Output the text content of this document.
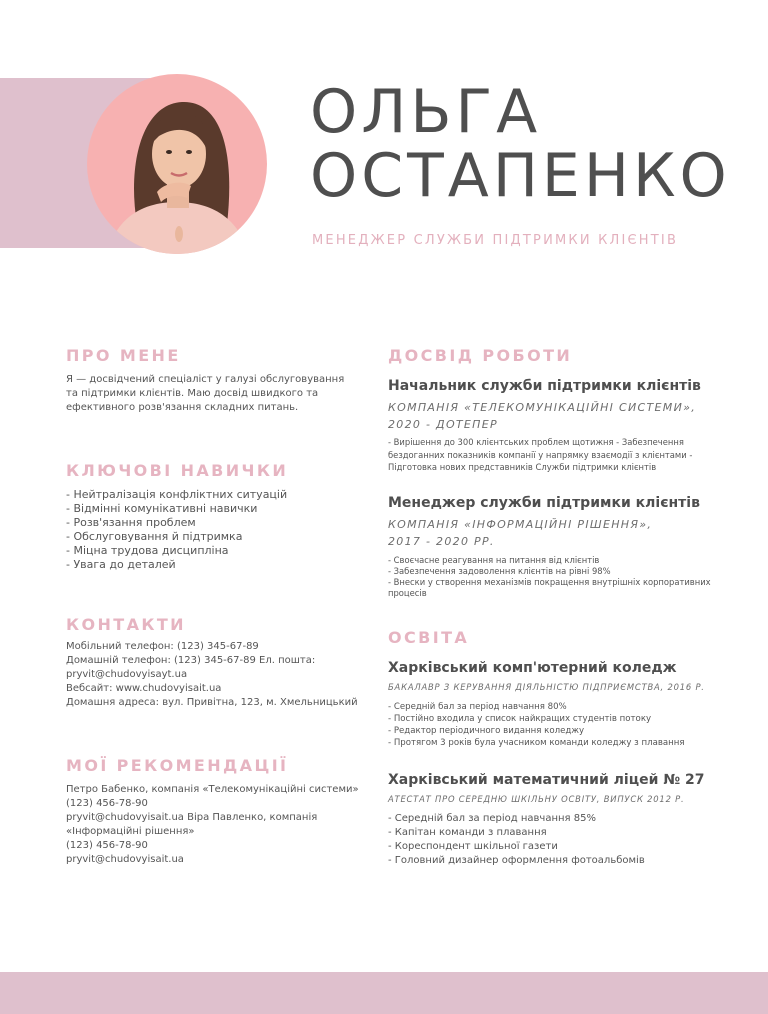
ОЛЬГА
ОСТАПЕНКО
МЕНЕДЖЕР СЛУЖБИ ПІДТРИМКИ КЛІЄНТІВ
ПРО МЕНЕ

Я — досвідчений спеціаліст у галузі обслуговування та підтримки клієнтів. Маю досвід швидкого та ефективного розв'язання складних питань.

КЛЮЧОВІ НАВИЧКИ
- Нейтралізація конфліктних ситуацій
- Відмінні комунікативні навички
- Розв'язання проблем
- Обслуговування й підтримка
- Міцна трудова дисципліна
- Увага до деталей
КОНТАКТИ
Мобільний телефон: (123) 345-67-89
Домашній телефон: (123) 345-67-89 Ел. пошта:
pryvit@chudovyisayt.ua
Вебсайт: www.chudovyisait.ua
Домашня адреса: вул. Привітна, 123, м. Хмельницький
МОЇ РЕКОМЕНДАЦІЇ
Петро Бабенко, компанія «Телекомунікаційні системи»
(123) 456-78-90
pryvit@chudovyisait.ua Віра Павленко, компанія
«Інформаційні рішення»
(123) 456-78-90
pryvit@chudovyisait.ua
ДОСВІД РОБОТИ
Начальник служби підтримки клієнтів

КОМПАНІЯ «ТЕЛЕКОМУНІКАЦІЙНІ СИСТЕМИ», 2020 - ДОТЕПЕР

- Вирішення до 300 клієнтських проблем щотижня - Забезпечення бездоганних показників компанії у напрямку взаємодії з клієнтами - Підготовка нових представників Служби підтримки клієнтів

Менеджер служби підтримки клієнтів

КОМПАНІЯ «ІНФОРМАЦІЙНІ РІШЕННЯ», 2017 - 2020 РР.

- Своєчасне реагування на питання від клієнтів
- Забезпечення задоволення клієнтів на рівні 98%
- Внески у створення механізмів покращення внутрішніх корпоративних
процесів
ОСВІТА
Харківський комп'ютерний коледж

БАКАЛАВР З КЕРУВАННЯ ДІЯЛЬНІСТЮ ПІДПРИЄМСТВА, 2016 Р.

- Середній бал за період навчання 80%
- Постійно входила у список найкращих студентів потоку
- Редактор періодичного видання коледжу
- Протягом 3 років була учасником команди коледжу з плавання
Харківський математичний ліцей № 27

АТЕСТАТ ПРО СЕРЕДНЮ ШКІЛЬНУ ОСВІТУ, ВИПУСК 2012 Р.

- Середній бал за період навчання 85%
- Капітан команди з плавання
- Кореспондент шкільної газети
- Головний дизайнер оформлення фотоальбомів
